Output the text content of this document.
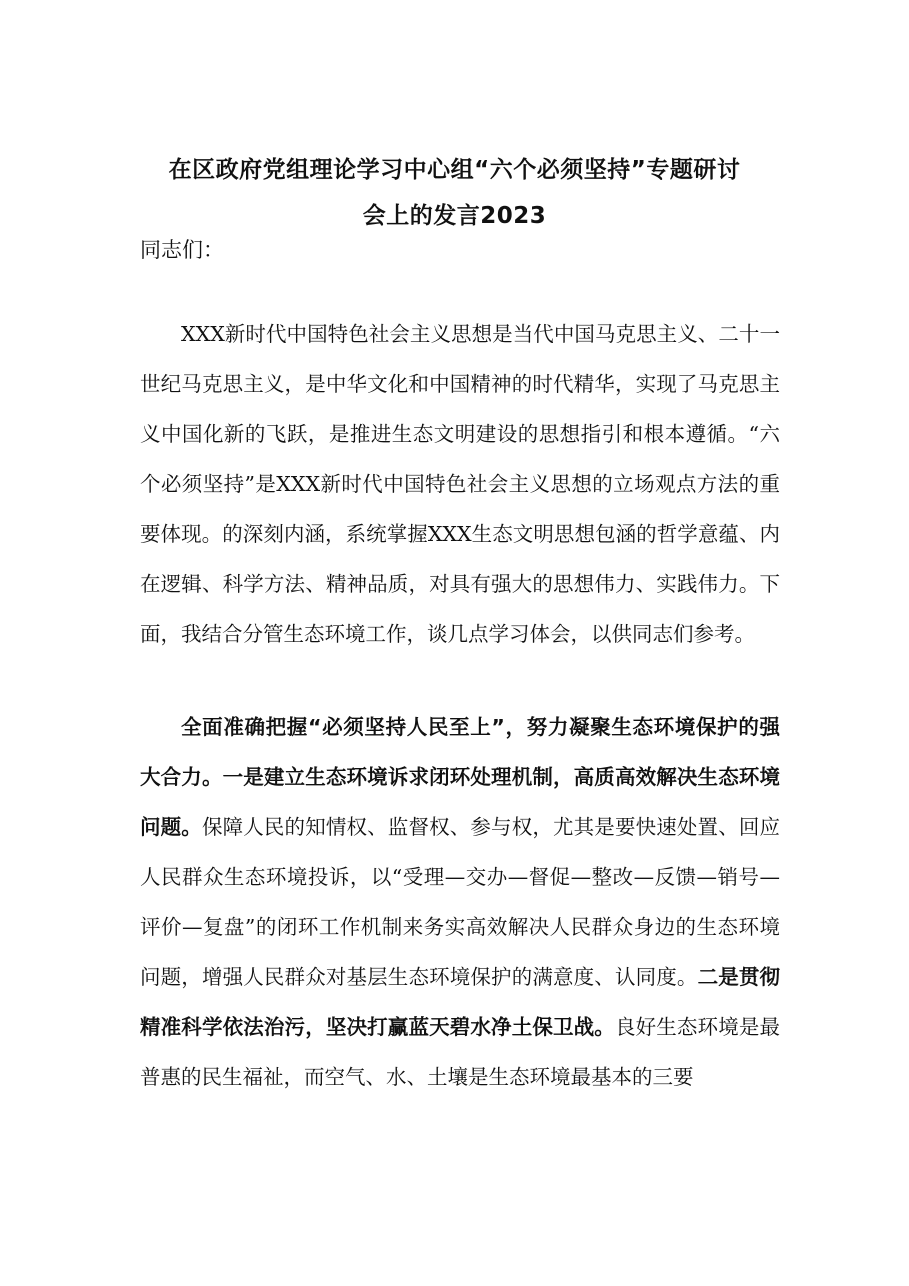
在区政府党组理论学习中心组“六个必须坚持”专题研讨
会上的发言2023
同志们：
XXX新时代中国特色社会主义思想是当代中国马克思主义、二十一世纪马克思主义，是中华文化和中国精神的时代精华，实现了马克思主义中国化新的飞跃，是推进生态文明建设的思想指引和根本遵循。“六个必须坚持”是XXX新时代中国特色社会主义思想的立场观点方法的重要体现。的深刻内涵，系统掌握XXX生态文明思想包涵的哲学意蕴、内在逻辑、科学方法、精神品质，对具有强大的思想伟力、实践伟力。下面，我结合分管生态环境工作，谈几点学习体会，以供同志们参考。
全面准确把握“必须坚持人民至上”，努力凝聚生态环境保护的强大合力。一是建立生态环境诉求闭环处理机制，高质高效解决生态环境问题。保障人民的知情权、监督权、参与权，尤其是要快速处置、回应人民群众生态环境投诉，以“受理—交办—督促—整改—反馈—销号—评价—复盘”的闭环工作机制来务实高效解决人民群众身边的生态环境问题，增强人民群众对基层生态环境保护的满意度、认同度。二是贯彻精准科学依法治污，坚决打赢蓝天碧水净土保卫战。良好生态环境是最普惠的民生福祉，而空气、水、土壤是生态环境最基本的三要
